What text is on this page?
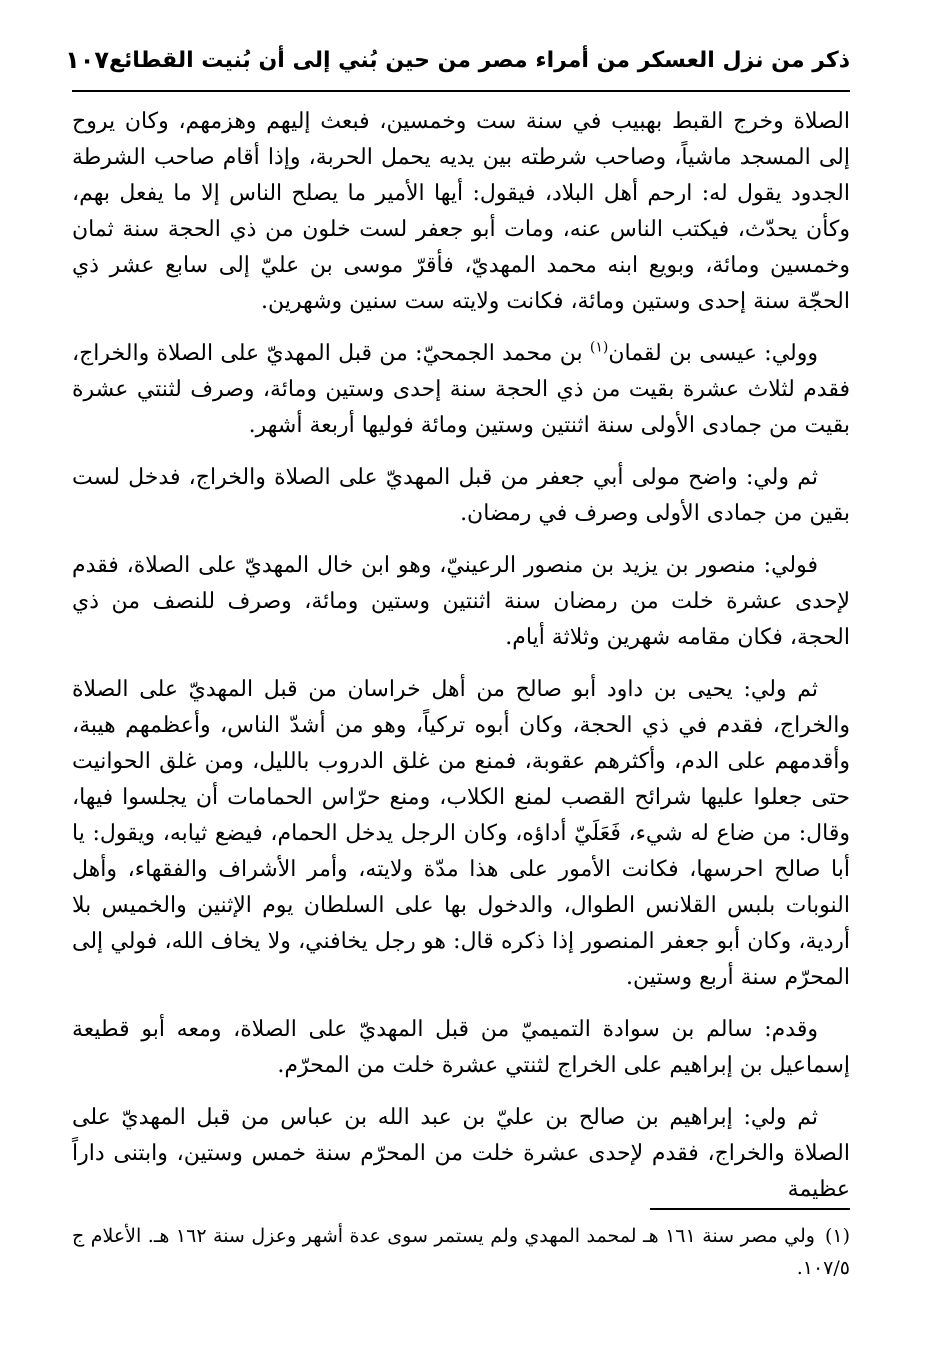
ذكر من نزل العسكر من أمراء مصر من حين بُني إلى أن بُنيت القطائع
١٠٧

الصلاة وخرج القبط بهبيب في سنة ست وخمسين، فبعث إليهم وهزمهم، وكان يروح إلى المسجد ماشياً، وصاحب شرطته بين يديه يحمل الحربة، وإذا أقام صاحب الشرطة الجدود يقول له: ارحم أهل البلاد، فيقول: أيها الأمير ما يصلح الناس إلا ما يفعل بهم، وكأن يحدّث، فيكتب الناس عنه، ومات أبو جعفر لست خلون من ذي الحجة سنة ثمان وخمسين ومائة، وبويع ابنه محمد المهديّ، فأقرّ موسى بن عليّ إلى سابع عشر ذي الحجّة سنة إحدى وستين ومائة، فكانت ولايته ست سنين وشهرين.

وولي: عيسى بن لقمان$^{(١)}$ بن محمد الجمحيّ: من قبل المهديّ على الصلاة والخراج، فقدم لثلاث عشرة بقيت من ذي الحجة سنة إحدى وستين ومائة، وصرف لثنتي عشرة بقيت من جمادى الأولى سنة اثنتين وستين ومائة فوليها أربعة أشهر.

ثم ولي: واضح مولى أبي جعفر من قبل المهديّ على الصلاة والخراج، فدخل لست بقين من جمادى الأولى وصرف في رمضان.

فولي: منصور بن يزيد بن منصور الرعينيّ، وهو ابن خال المهديّ على الصلاة، فقدم لإحدى عشرة خلت من رمضان سنة اثنتين وستين ومائة، وصرف للنصف من ذي الحجة، فكان مقامه شهرين وثلاثة أيام.

ثم ولي: يحيى بن داود أبو صالح من أهل خراسان من قبل المهديّ على الصلاة والخراج، فقدم في ذي الحجة، وكان أبوه تركياً، وهو من أشدّ الناس، وأعظمهم هيبة، وأقدمهم على الدم، وأكثرهم عقوبة، فمنع من غلق الدروب بالليل، ومن غلق الحوانيت حتى جعلوا عليها شرائح القصب لمنع الكلاب، ومنع حرّاس الحمامات أن يجلسوا فيها، وقال: من ضاع له شيء، فَعَلَيّ أداؤه، وكان الرجل يدخل الحمام، فيضع ثيابه، ويقول: يا أبا صالح احرسها، فكانت الأمور على هذا مدّة ولايته، وأمر الأشراف والفقهاء، وأهل النوبات بلبس القلانس الطوال، والدخول بها على السلطان يوم الإثنين والخميس بلا أردية، وكان أبو جعفر المنصور إذا ذكره قال: هو رجل يخافني، ولا يخاف الله، فولي إلى المحرّم سنة أربع وستين.

وقدم: سالم بن سوادة التميميّ من قبل المهديّ على الصلاة، ومعه أبو قطيعة إسماعيل بن إبراهيم على الخراج لثنتي عشرة خلت من المحرّم.

ثم ولي: إبراهيم بن صالح بن عليّ بن عبد الله بن عباس من قبل المهديّ على الصلاة والخراج، فقدم لإحدى عشرة خلت من المحرّم سنة خمس وستين، وابتنى داراً عظيمة

(١)ولي مصر سنة ١٦١ هـ لمحمد المهدي ولم يستمر سوى عدة أشهر وعزل سنة ١٦٢ هـ. الأعلام ج ١٠٧/٥.
